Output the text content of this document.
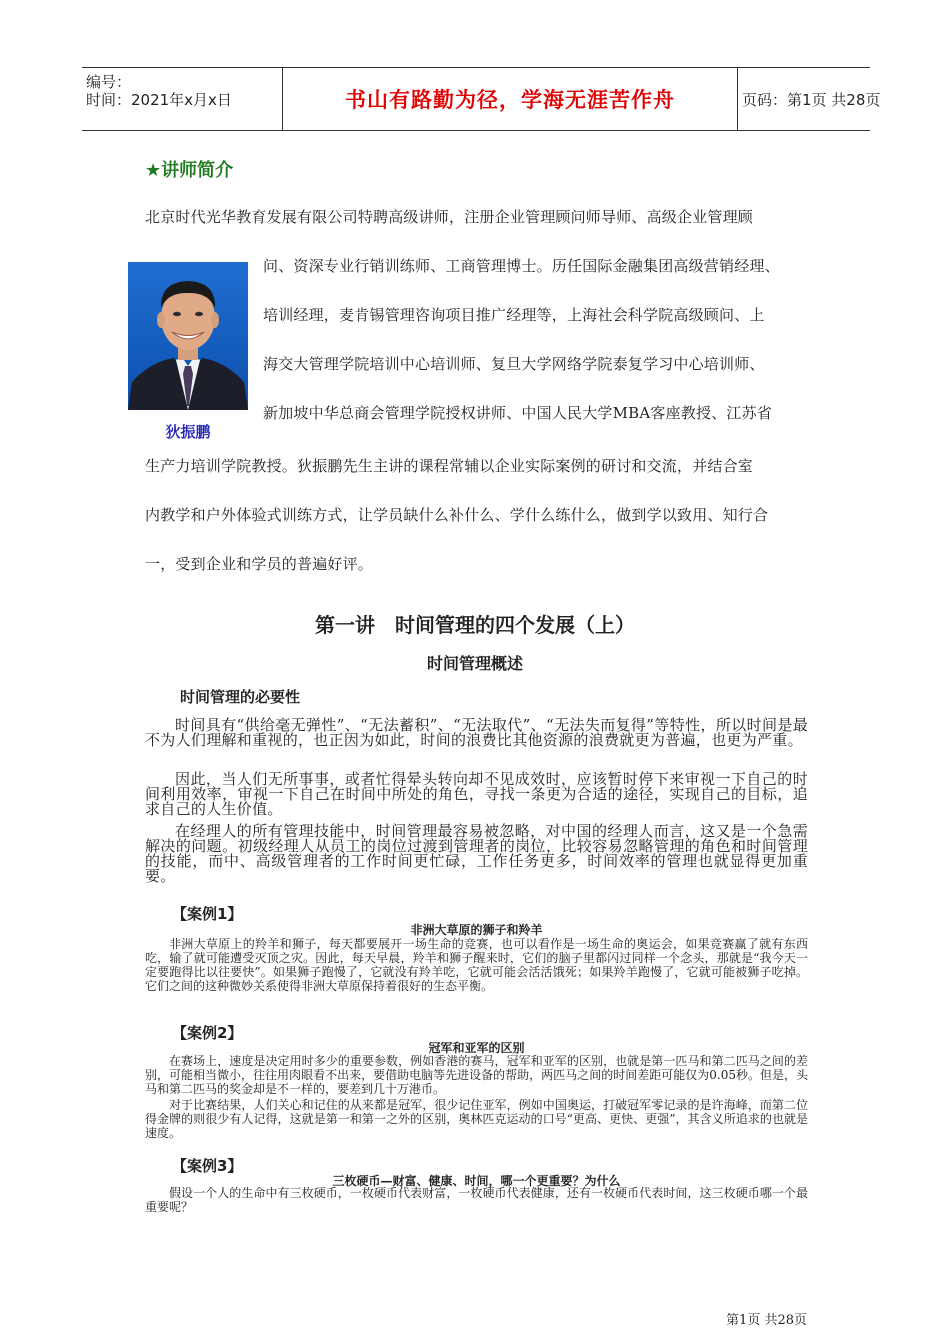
编号：
时间：2021年x月x日	书山有路勤为径，学海无涯苦作舟	页码：第1页 共28页
★讲师简介
北京时代光华教育发展有限公司特聘高级讲师，注册企业管理顾问师导师、高级企业管理顾
问、资深专业行销训练师、工商管理博士。历任国际金融集团高级营销经理、
培训经理，麦肯锡管理咨询项目推广经理等，上海社会科学院高级顾问、上
海交大管理学院培训中心培训师、复旦大学网络学院泰复学习中心培训师、
新加坡中华总商会管理学院授权讲师、中国人民大学MBA客座教授、江苏省
生产力培训学院教授。狄振鹏先生主讲的课程常辅以企业实际案例的研讨和交流，并结合室
内教学和户外体验式训练方式，让学员缺什么补什么、学什么练什么，做到学以致用、知行合
一，受到企业和学员的普遍好评。
狄振鹏
第一讲　时间管理的四个发展（上）
时间管理概述
时间管理的必要性

时间具有“供给毫无弹性”、“无法蓄积”、“无法取代”、“无法失而复得”等特性，所以时间是最不为人们理解和重视的，也正因为如此，时间的浪费比其他资源的浪费就更为普遍，也更为严重。

因此，当人们无所事事，或者忙得晕头转向却不见成效时，应该暂时停下来审视一下自己的时间利用效率，审视一下自己在时间中所处的角色，寻找一条更为合适的途径，实现自己的目标，追求自己的人生价值。

在经理人的所有管理技能中，时间管理最容易被忽略，对中国的经理人而言，这又是一个急需解决的问题。初级经理人从员工的岗位过渡到管理者的岗位，比较容易忽略管理的角色和时间管理的技能，而中、高级管理者的工作时间更忙碌，工作任务更多，时间效率的管理也就显得更加重要。

【案例1】
非洲大草原的狮子和羚羊

非洲大草原上的羚羊和狮子，每天都要展开一场生命的竞赛，也可以看作是一场生命的奥运会，如果竞赛赢了就有东西吃，输了就可能遭受灭顶之灾。因此，每天早晨，羚羊和狮子醒来时，它们的脑子里都闪过同样一个念头，那就是“我今天一定要跑得比以往要快”。如果狮子跑慢了，它就没有羚羊吃，它就可能会活活饿死；如果羚羊跑慢了，它就可能被狮子吃掉。它们之间的这种微妙关系使得非洲大草原保持着很好的生态平衡。

【案例2】
冠军和亚军的区别

在赛场上，速度是决定用时多少的重要参数，例如香港的赛马，冠军和亚军的区别，也就是第一匹马和第二匹马之间的差别，可能相当微小，往往用肉眼看不出来，要借助电脑等先进设备的帮助，两匹马之间的时间差距可能仅为0.05秒。但是，头马和第二匹马的奖金却是不一样的，要差到几十万港币。

对于比赛结果，人们关心和记住的从来都是冠军，很少记住亚军，例如中国奥运，打破冠军零记录的是许海峰，而第二位得金牌的则很少有人记得，这就是第一和第一之外的区别，奥林匹克运动的口号“更高、更快、更强”，其含义所追求的也就是速度。

【案例3】
三枚硬币—财富、健康、时间，哪一个更重要？为什么

假设一个人的生命中有三枚硬币，一枚硬币代表财富，一枚硬币代表健康，还有一枚硬币代表时间，这三枚硬币哪一个最重要呢？

第1页 共28页
